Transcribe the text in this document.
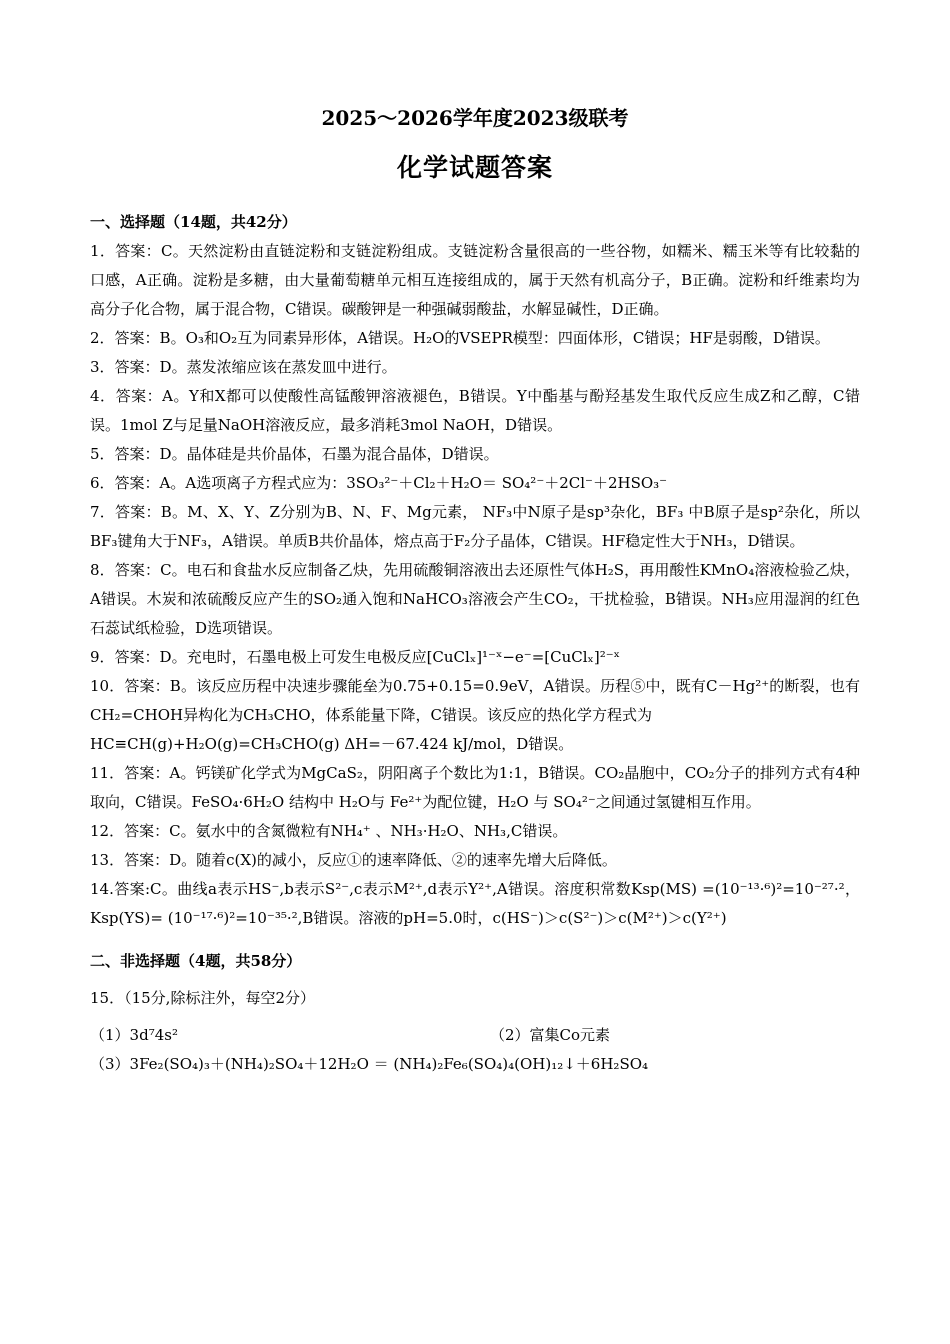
2025～2026学年度2023级联考
化学试题答案

一、选择题（14题，共42分）

1．答案：C。天然淀粉由直链淀粉和支链淀粉组成。支链淀粉含量很高的一些谷物，如糯米、糯玉米等有比较黏的口感，A正确。淀粉是多糖，由大量葡萄糖单元相互连接组成的，属于天然有机高分子，B正确。淀粉和纤维素均为高分子化合物，属于混合物，C错误。碳酸钾是一种强碱弱酸盐，水解显碱性，D正确。

2．答案：B。O₃和O₂互为同素异形体，A错误。H₂O的VSEPR模型：四面体形，C错误；HF是弱酸，D错误。

3．答案：D。蒸发浓缩应该在蒸发皿中进行。

4．答案：A。Y和X都可以使酸性高锰酸钾溶液褪色，B错误。Y中酯基与酚羟基发生取代反应生成Z和乙醇，C错误。1mol Z与足量NaOH溶液反应，最多消耗3mol NaOH，D错误。

5．答案：D。晶体硅是共价晶体，石墨为混合晶体，D错误。

6．答案：A。A选项离子方程式应为：3SO₃²⁻＋Cl₂＋H₂O＝ SO₄²⁻＋2Cl⁻＋2HSO₃⁻

7．答案：B。M、X、Y、Z分别为B、N、F、Mg元素， NF₃中N原子是sp³杂化，BF₃ 中B原子是sp²杂化，所以BF₃键角大于NF₃，A错误。单质B共价晶体，熔点高于F₂分子晶体，C错误。HF稳定性大于NH₃，D错误。

8．答案：C。电石和食盐水反应制备乙炔，先用硫酸铜溶液出去还原性气体H₂S，再用酸性KMnO₄溶液检验乙炔，A错误。木炭和浓硫酸反应产生的SO₂通入饱和NaHCO₃溶液会产生CO₂，干扰检验，B错误。NH₃应用湿润的红色石蕊试纸检验，D选项错误。

9．答案：D。充电时，石墨电极上可发生电极反应[CuClₓ]¹⁻ˣ−e⁻=[CuClₓ]²⁻ˣ

10．答案：B。该反应历程中决速步骤能垒为0.75+0.15=0.9eV，A错误。历程⑤中，既有C－Hg²⁺的断裂，也有CH₂=CHOH异构化为CH₃CHO，体系能量下降，C错误。该反应的热化学方程式为

HC≡CH(g)+H₂O(g)=CH₃CHO(g) ΔH=－67.424 kJ/mol，D错误。

11．答案：A。钙镁矿化学式为MgCaS₂，阴阳离子个数比为1:1，B错误。CO₂晶胞中，CO₂分子的排列方式有4种取向，C错误。FeSO₄·6H₂O 结构中 H₂O与 Fe²⁺为配位键，H₂O 与 SO₄²⁻之间通过氢键相互作用。

12．答案：C。氨水中的含氮微粒有NH₄⁺ 、NH₃·H₂O、NH₃,C错误。

13．答案：D。随着c(X)的减小，反应①的速率降低、②的速率先增大后降低。

14.答案:C。曲线a表示HS⁻,b表示S²⁻,c表示M²⁺,d表示Y²⁺,A错误。溶度积常数Ksp(MS) =(10⁻¹³·⁶)²=10⁻²⁷·²，Ksp(YS)= (10⁻¹⁷·⁶)²=10⁻³⁵·²,B错误。溶液的pH=5.0时，c(HS⁻)＞c(S²⁻)＞c(M²⁺)＞c(Y²⁺)

二、非选择题（4题，共58分）

15．（15分,除标注外，每空2分）

（1）3d⁷4s²	（2）富集Co元素

（3）3Fe₂(SO₄)₃＋(NH₄)₂SO₄＋12H₂O ＝ (NH₄)₂Fe₆(SO₄)₄(OH)₁₂↓＋6H₂SO₄
